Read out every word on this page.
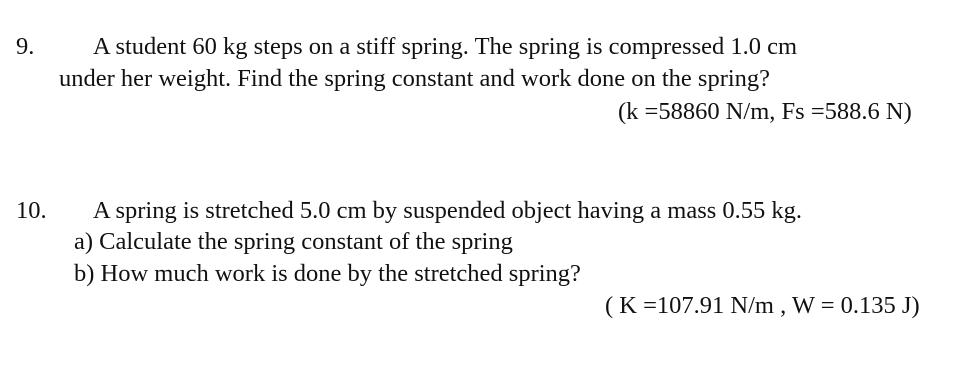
9. A student 60 kg steps on a stiff spring. The spring is compressed 1.0 cm
under her weight. Find the spring constant and work done on the spring?
(k =58860 N/m, Fs =588.6 N)
10. A spring is stretched 5.0 cm by suspended object having a mass 0.55 kg.
a) Calculate the spring constant of the spring
b) How much work is done by the stretched spring?
( K =107.91 N/m , W = 0.135 J)
